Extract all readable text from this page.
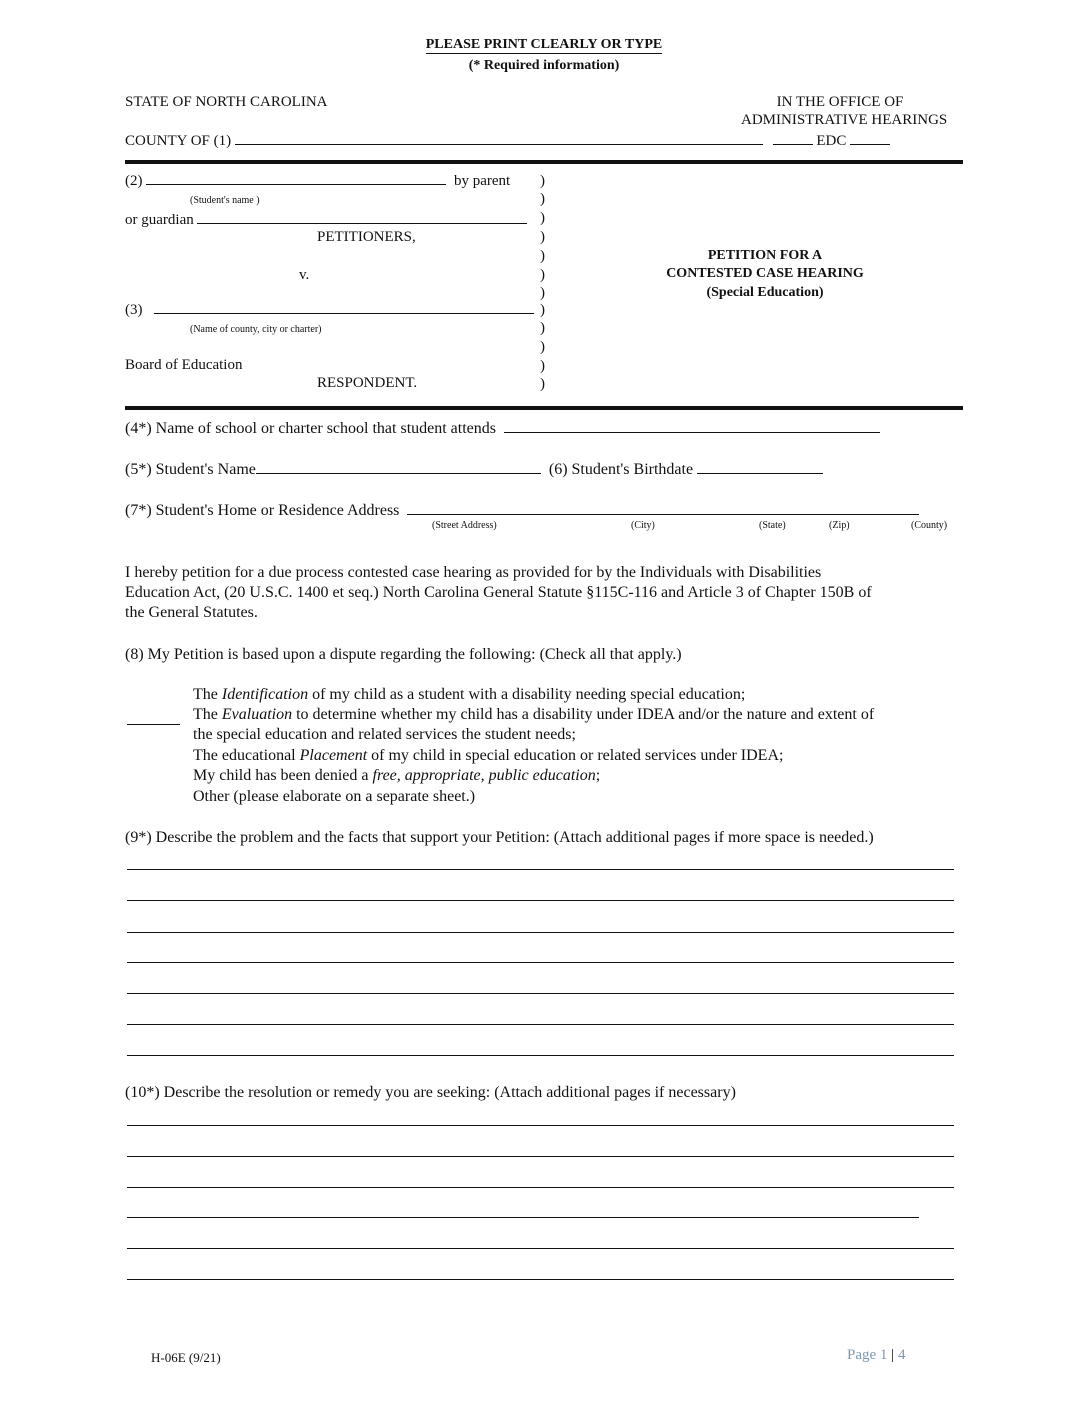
PLEASE PRINT CLEARLY OR TYPE
(* Required information)
STATE OF NORTH CAROLINA	IN THE OFFICE OF
ADMINISTRATIVE HEARINGS
COUNTY OF (1)	EDC
(2)	by parent
(Student's name )
or guardian
PETITIONERS,
v.
(3)
(Name of county, city or charter)
Board of Education
RESPONDENT.
)
)
)
)
)
)
)
)
)
)
)
)
PETITION FOR A
CONTESTED CASE HEARING
(Special Education)
(4*) Name of school or charter school that student attends
(5*) Student's Name	(6) Student's Birthdate
(7*) Student's Home or Residence Address
(Street Address)	(City)	(State)	(Zip)	(County)
I hereby petition for a due process contested case hearing as provided for by the Individuals with Disabilities
Education Act, (20 U.S.C. 1400 et seq.) North Carolina General Statute §115C-116 and Article 3 of Chapter 150B of
the General Statutes.
(8) My Petition is based upon a dispute regarding the following: (Check all that apply.)
The Identification of my child as a student with a disability needing special education;
The Evaluation to determine whether my child has a disability under IDEA and/or the nature and extent of
the special education and related services the student needs;
The educational Placement of my child in special education or related services under IDEA;
My child has been denied a free, appropriate, public education;
Other (please elaborate on a separate sheet.)
(9*) Describe the problem and the facts that support your Petition: (Attach additional pages if more space is needed.)
(10*) Describe the resolution or remedy you are seeking: (Attach additional pages if necessary)
H-06E (9/21)	Page 1 | 4
